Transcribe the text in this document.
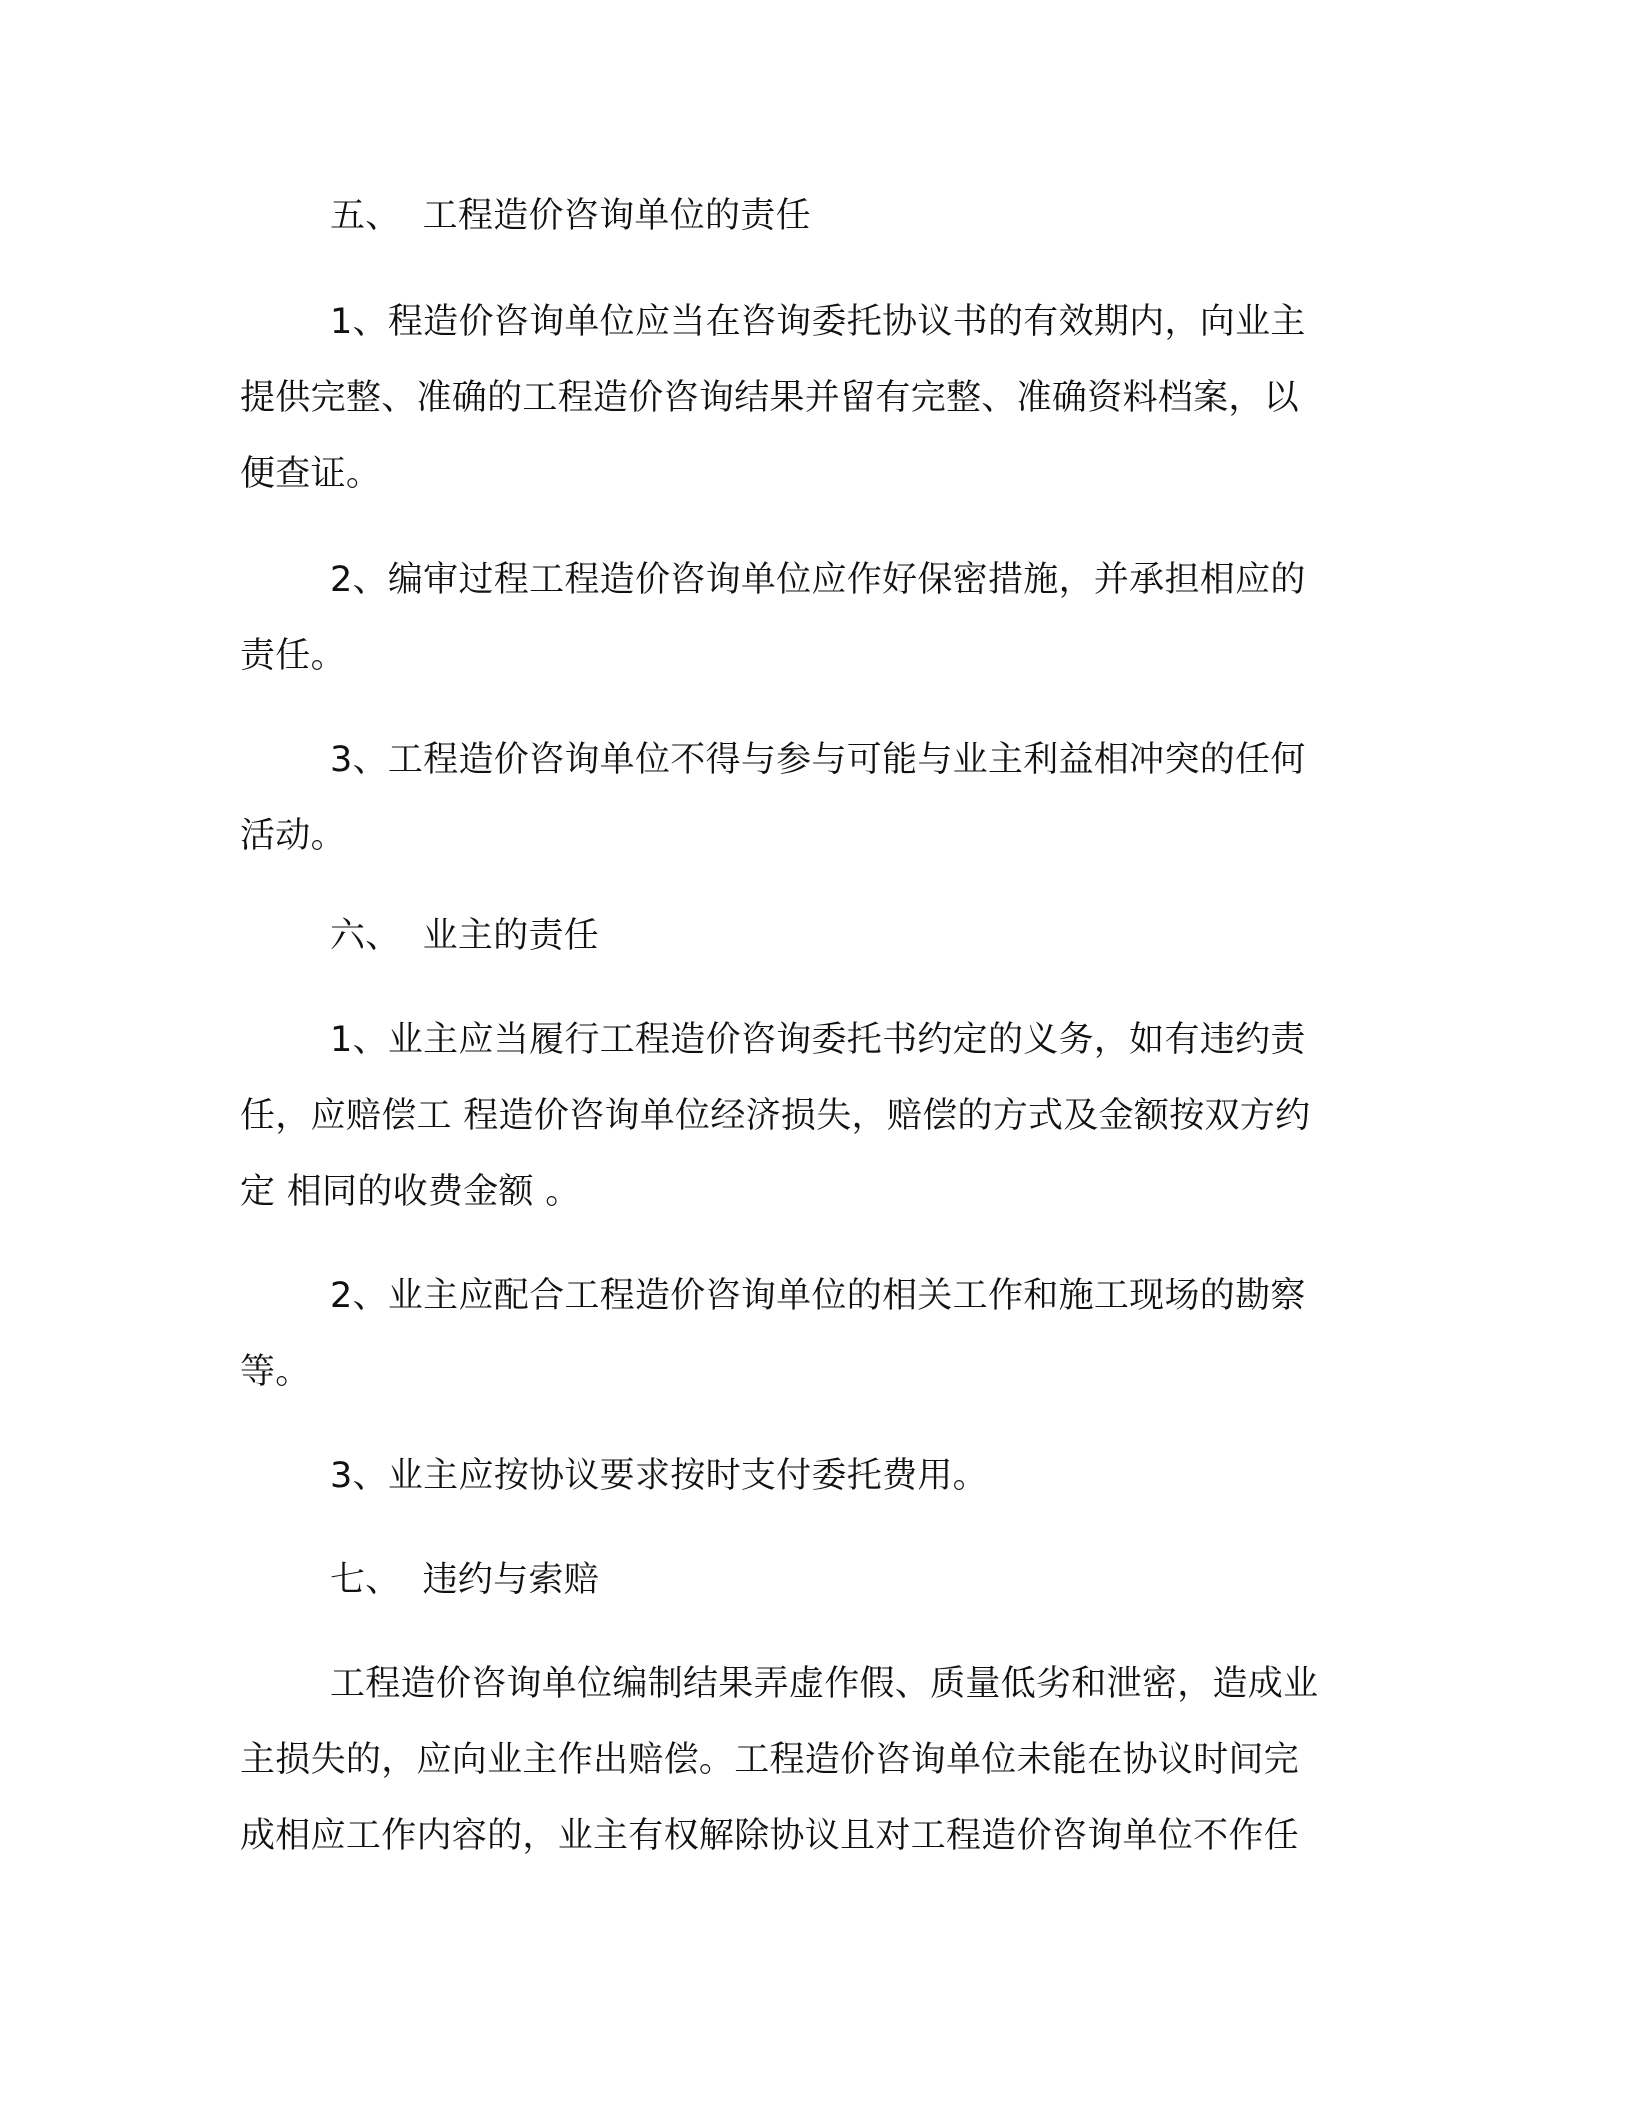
五、 工程造价咨询单位的责任

1、程造价咨询单位应当在咨询委托协议书的有效期内，向业主

提供完整、准确的工程造价咨询结果并留有完整、准确资料档案，以

便查证。

2、编审过程工程造价咨询单位应作好保密措施，并承担相应的

责任。

3、工程造价咨询单位不得与参与可能与业主利益相冲突的任何

活动。

六、 业主的责任

1、业主应当履行工程造价咨询委托书约定的义务，如有违约责

任，应赔偿工 程造价咨询单位经济损失，赔偿的方式及金额按双方约

定 相同的收费金额 。

2、业主应配合工程造价咨询单位的相关工作和施工现场的勘察

等。

3、业主应按协议要求按时支付委托费用。

七、 违约与索赔

工程造价咨询单位编制结果弄虚作假、质量低劣和泄密，造成业

主损失的，应向业主作出赔偿。工程造价咨询单位未能在协议时间完

成相应工作内容的，业主有权解除协议且对工程造价咨询单位不作任
